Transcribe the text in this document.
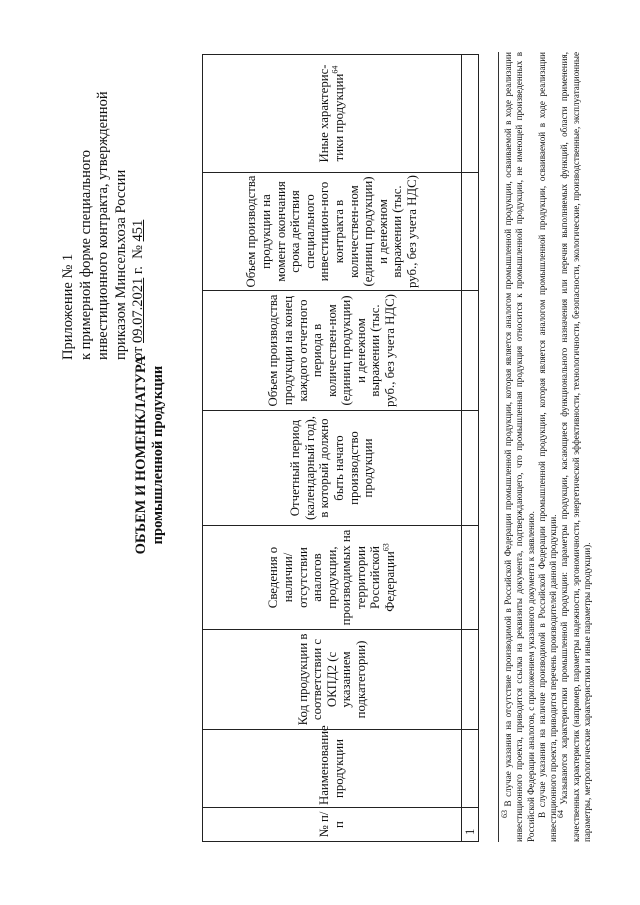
Приложение № 1 к примерной форме специального инвестиционного контракта, утвержденной приказом Минсельхоза России от 09.07.2021 г.  № 451
ОБЪЕМ И НОМЕНКЛАТУРА промышленной продукции
№ п/п	Наименование продукции	Код продукции в соответствии с ОКПД2 (с указанием подкатегории)	Сведения о наличии/ отсутствии аналогов продукции, производимых на территории Российской Федерации$^{63}$	Отчетный период (календарный год), в который должно быть начато производство продукции	Объем производства продукции на конец каждого отчетного периода в количествен-ном (единиц продукции) и денежном выражении (тыс. руб., без учета НДС)	Объем производства продукции на момент окончания срока действия специального инвестицион-ного контракта в количествен-ном (единиц продукции) и денежном выражении (тыс. руб., без учета НДС)	Иные характерис-тики продукции$^{64}$
1							

$^{63}$ В случае указания на отсутствие производимой в Российской Федерации промышленной продукции, которая является аналогом промышленной продукции, осваиваемой в ходе реализации инвестиционного проекта, приводится ссылка на реквизиты документа, подтверждающего, что промышленная продукция относится к промышленной продукции, не имеющей произведенных в Российской Федерации аналогов, с приложением указанного документа к заявлению. В случае указания на наличие производимой в Российской Федерации промышленной продукции, которая является аналогом промышленной продукции, осваиваемой в ходе реализации инвестиционного проекта, приводится перечень производителей данной продукции.

$^{64}$ Указываются характеристики промышленной продукции: параметры продукции, касающиеся функционального назначения или перечня выполняемых функций, области применения, качественных характеристик (например, параметры надежности, эргономичности, энергетической эффективности, технологичности, безопасности, экологические, производственные, эксплуатационные параметры, метрологические характеристики и иные параметры продукции).
